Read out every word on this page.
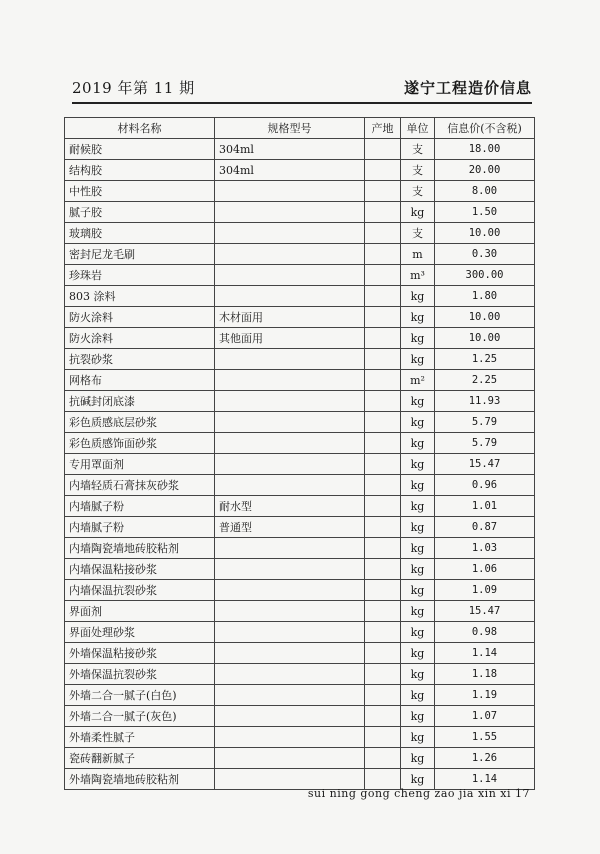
2019 年第 11 期	遂宁工程造价信息
材料名称	规格型号	产地	单位	信息价(不含税)
耐候胶	304ml		支	18.00
结构胶	304ml		支	20.00
中性胶			支	8.00
腻子胶			kg	1.50
玻璃胶			支	10.00
密封尼龙毛刷			m	0.30
珍珠岩			m³	300.00
803 涂料			kg	1.80
防火涂料	木材面用		kg	10.00
防火涂料	其他面用		kg	10.00
抗裂砂浆			kg	1.25
网格布			m²	2.25
抗碱封闭底漆			kg	11.93
彩色质感底层砂浆			kg	5.79
彩色质感饰面砂浆			kg	5.79
专用罩面剂			kg	15.47
内墙轻质石膏抹灰砂浆			kg	0.96
内墙腻子粉	耐水型		kg	1.01
内墙腻子粉	普通型		kg	0.87
内墙陶瓷墙地砖胶粘剂			kg	1.03
内墙保温粘接砂浆			kg	1.06
内墙保温抗裂砂浆			kg	1.09
界面剂			kg	15.47
界面处理砂浆			kg	0.98
外墙保温粘接砂浆			kg	1.14
外墙保温抗裂砂浆			kg	1.18
外墙二合一腻子(白色)			kg	1.19
外墙二合一腻子(灰色)			kg	1.07
外墙柔性腻子			kg	1.55
瓷砖翻新腻子			kg	1.26
外墙陶瓷墙地砖胶粘剂			kg	1.14
sui ning gong cheng zao jia xin xi 17
